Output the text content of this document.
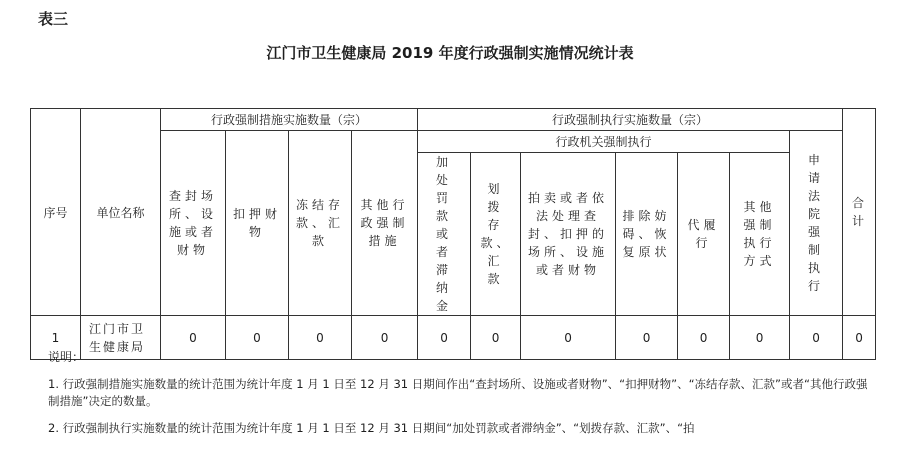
表三
江门市卫生健康局 2019 年度行政强制实施情况统计表
序号	单位名称	行政强制措施实施数量（宗）				行政强制执行实施数量（宗）							合计
		查封场所、设施或者财物	扣押财物	冻结存款、汇款	其他行政强制措施	行政机关强制执行						申请法院强制执行	
						加处罚款或者滞纳金	划拨存款、汇款	拍卖或者依法处理查封、扣押的场所、设施或者财物	排除妨碍、恢复原状	代履行	其他强制执行方式		
1	江门市卫生健康局	0	0	0	0	0	0	0	0	0	0	0	0

说明：

1. 行政强制措施实施数量的统计范围为统计年度 1 月 1 日至 12 月 31 日期间作出“查封场所、设施或者财物”、“扣押财物”、“冻结存款、汇款”或者“其他行政强制措施”决定的数量。

2. 行政强制执行实施数量的统计范围为统计年度 1 月 1 日至 12 月 31 日期间“加处罚款或者滞纳金”、“划拨存款、汇款”、“拍
